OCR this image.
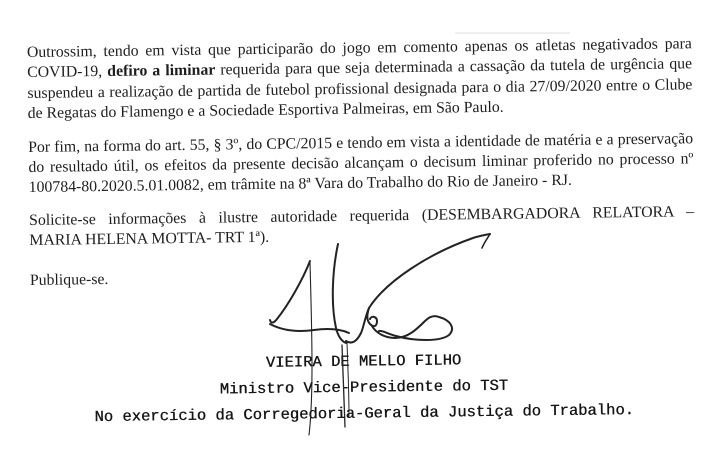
Outrossim, tendo em vista que participarão do jogo em comento apenas os atletas negativados para
COVID-19, defiro a liminar requerida para que seja determinada a cassação da tutela de urgência que
suspendeu a realização de partida de futebol profissional designada para o dia 27/09/2020 entre o Clube
de Regatas do Flamengo e a Sociedade Esportiva Palmeiras, em São Paulo.
Por fim, na forma do art. 55, § 3º, do CPC/2015 e tendo em vista a identidade de matéria e a preservação
do resultado útil, os efeitos da presente decisão alcançam o decisum liminar proferido no processo nº
100784-80.2020.5.01.0082, em trâmite na 8ª Vara do Trabalho do Rio de Janeiro - RJ.
Solicite-se informações à ilustre autoridade requerida (DESEMBARGADORA RELATORA –
MARIA HELENA MOTTA- TRT 1ª).
Publique-se.
VIEIRA DE MELLO FILHO
Ministro Vice-Presidente do TST
No exercício da Corregedoria-Geral da Justiça do Trabalho.
